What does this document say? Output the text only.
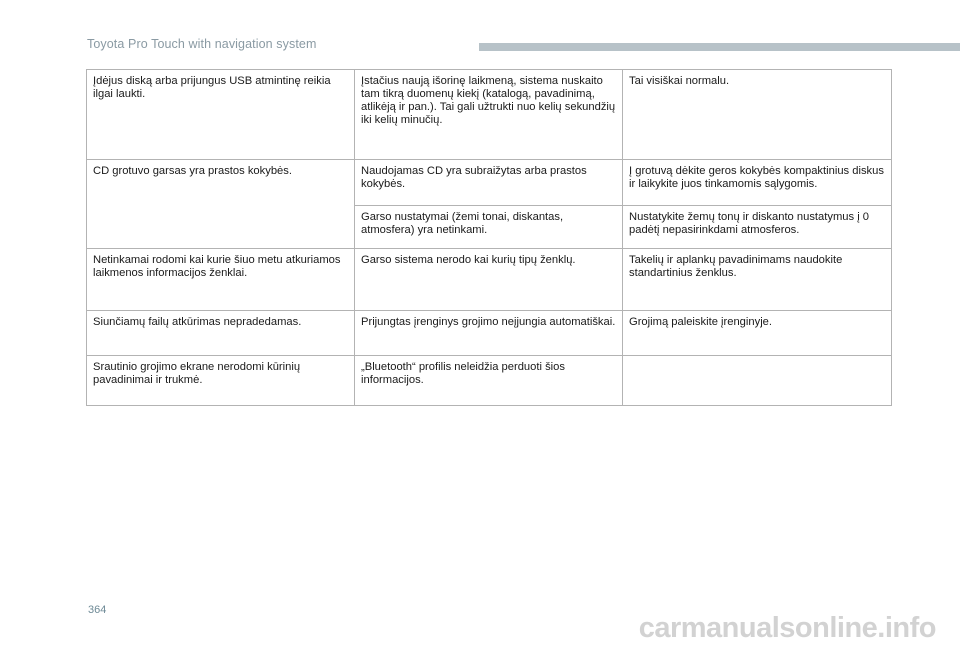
Toyota Pro Touch with navigation system
Įdėjus diską arba prijungus USB atmintinę reikia ilgai laukti.	Įstačius naują išorinę laikmeną, sistema nuskaito tam tikrą duomenų kiekį (katalogą, pavadinimą, atlikėją ir pan.). Tai gali užtrukti nuo kelių sekundžių iki kelių minučių.	Tai visiškai normalu.
CD grotuvo garsas yra prastos kokybės.	Naudojamas CD yra subraižytas arba prastos kokybės.	Į grotuvą dėkite geros kokybės kompaktinius diskus ir laikykite juos tinkamomis sąlygomis.
	Garso nustatymai (žemi tonai, diskantas, atmosfera) yra netinkami.	Nustatykite žemų tonų ir diskanto nustatymus į 0 padėtį nepasirinkdami atmosferos.
Netinkamai rodomi kai kurie šiuo metu atkuriamos laikmenos informacijos ženklai.	Garso sistema nerodo kai kurių tipų ženklų.	Takelių ir aplankų pavadinimams naudokite standartinius ženklus.
Siunčiamų failų atkūrimas nepradedamas.	Prijungtas įrenginys grojimo neįjungia automatiškai.	Grojimą paleiskite įrenginyje.
Srautinio grojimo ekrane nerodomi kūrinių pavadinimai ir trukmė.	„Bluetooth“ profilis neleidžia perduoti šios informacijos.	
364
carmanualsonline.info
